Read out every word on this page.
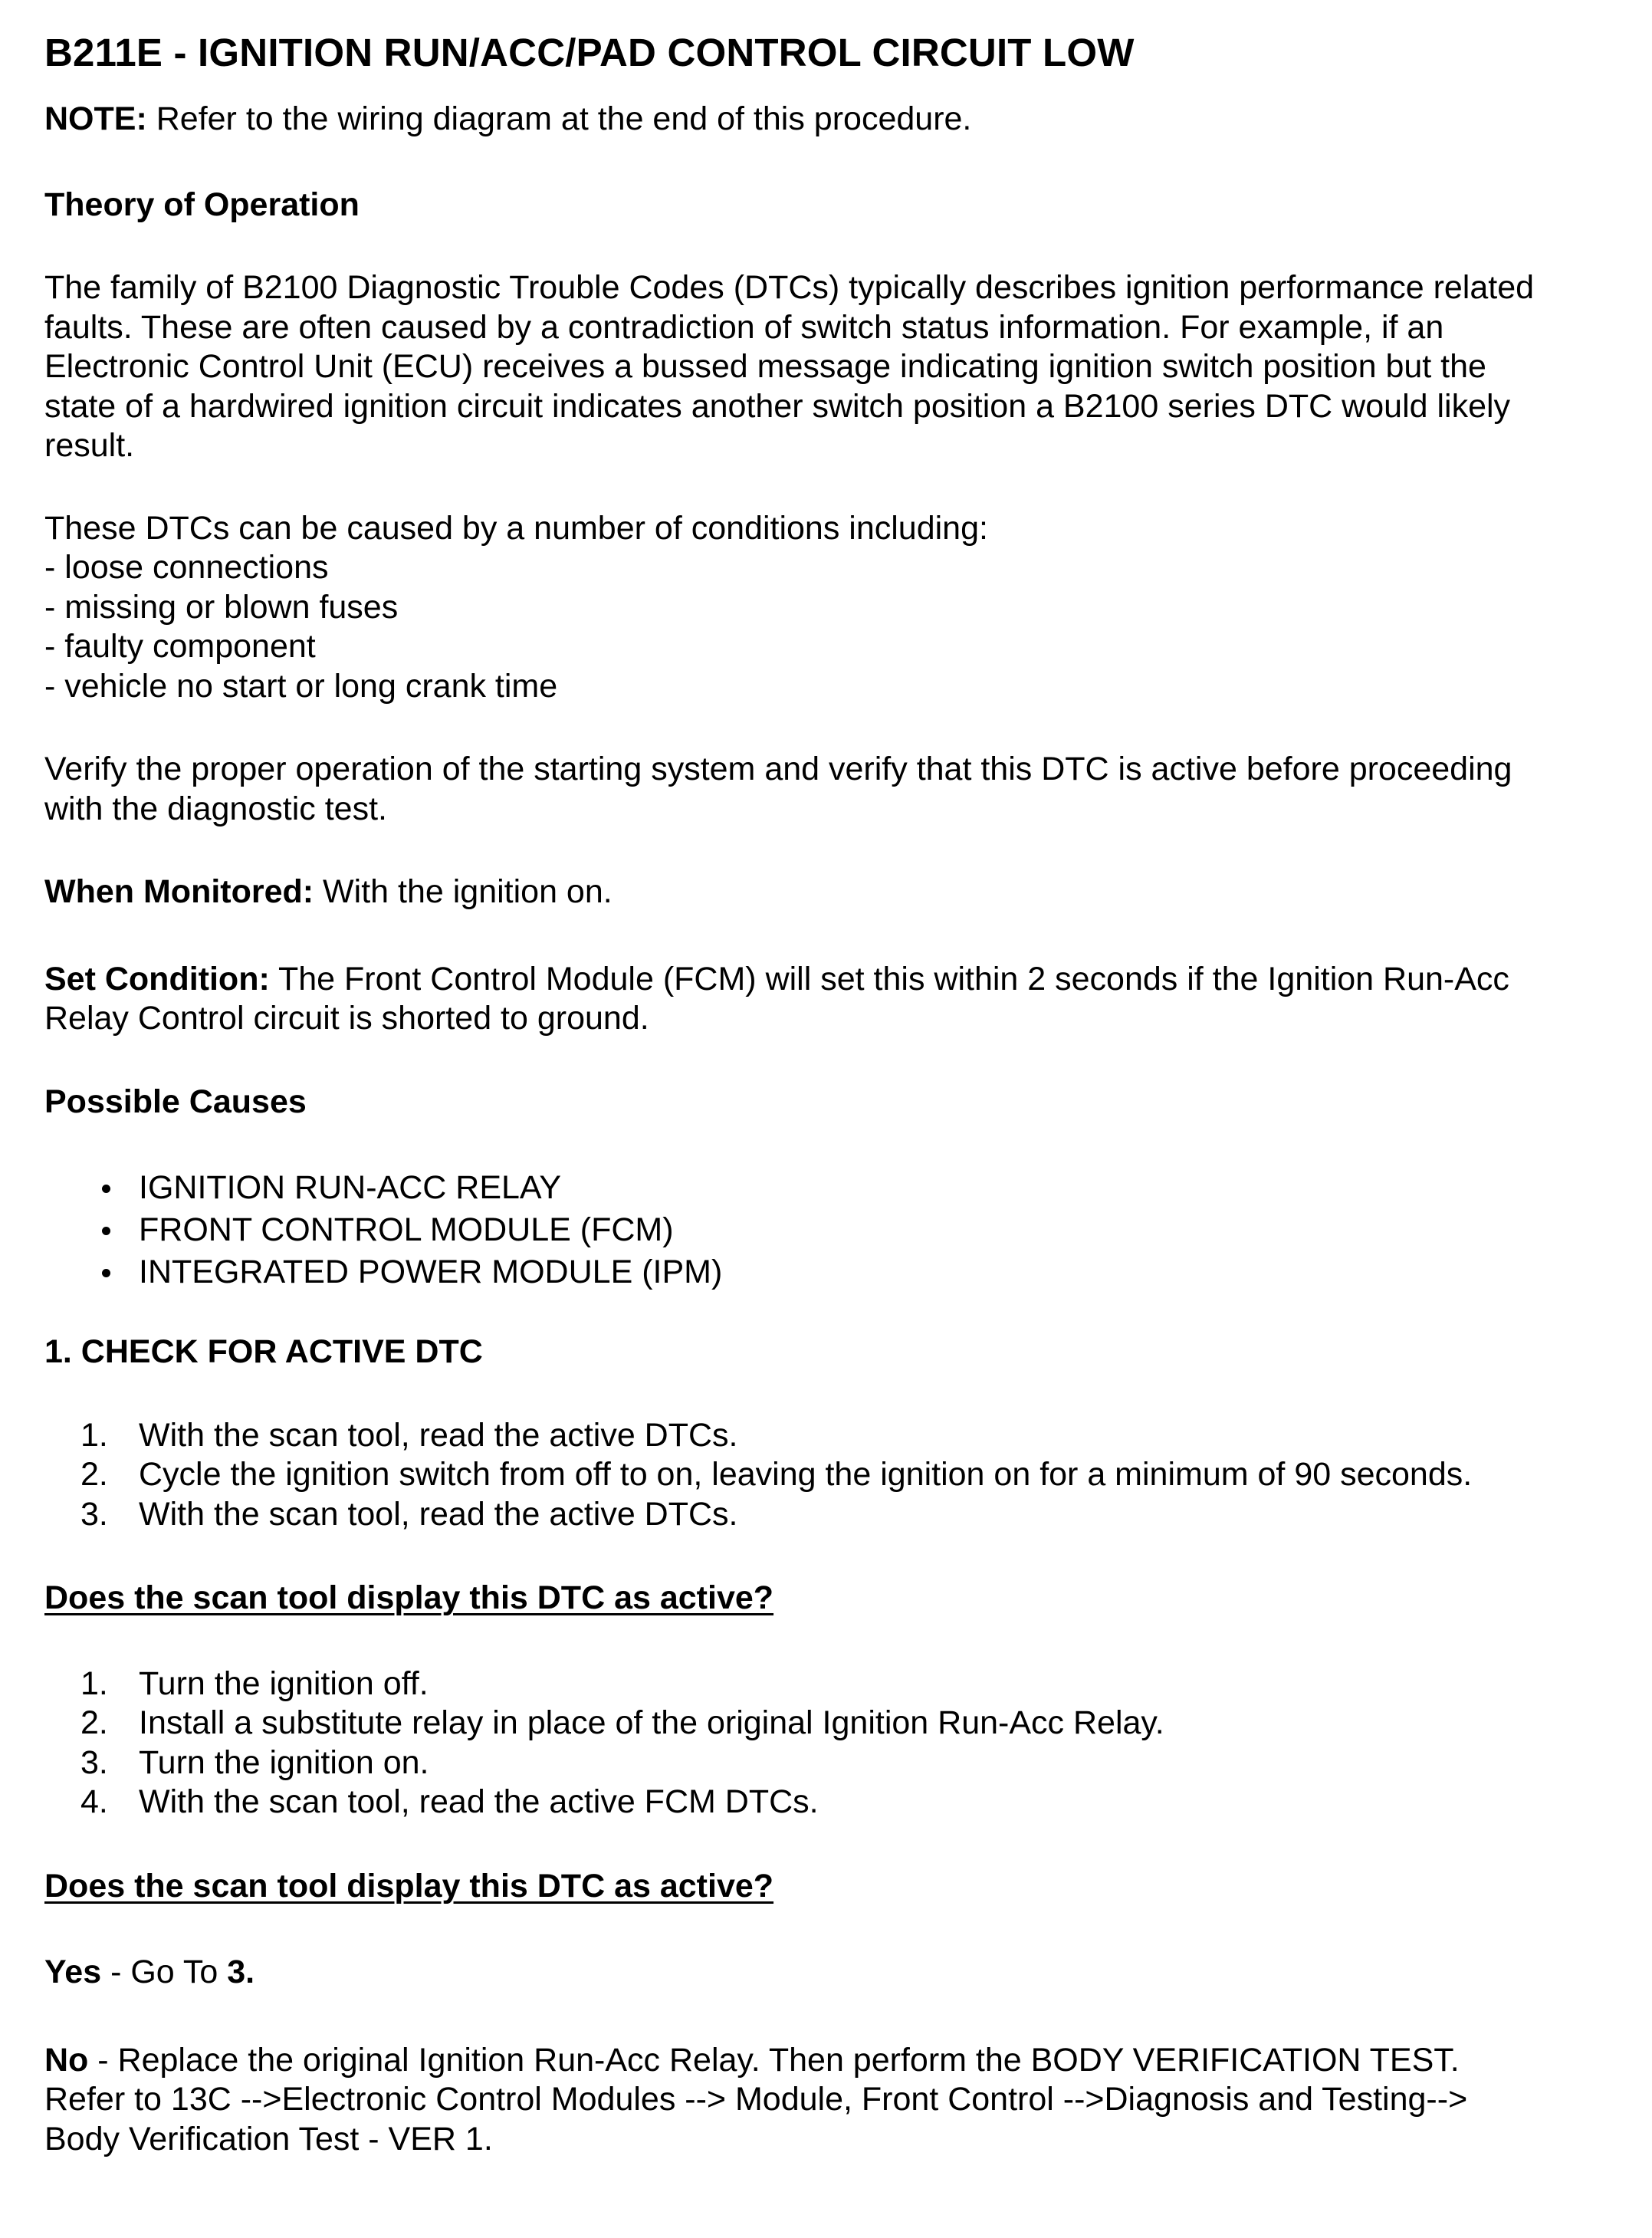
B211E - IGNITION RUN/ACC/PAD CONTROL CIRCUIT LOW

NOTE: Refer to the wiring diagram at the end of this procedure.

Theory of Operation

The family of B2100 Diagnostic Trouble Codes (DTCs) typically describes ignition performance related
faults. These are often caused by a contradiction of switch status information. For example, if an
Electronic Control Unit (ECU) receives a bussed message indicating ignition switch position but the
state of a hardwired ignition circuit indicates another switch position a B2100 series DTC would likely
result.
These DTCs can be caused by a number of conditions including:
- loose connections
- missing or blown fuses
- faulty component
- vehicle no start or long crank time
Verify the proper operation of the starting system and verify that this DTC is active before proceeding
with the diagnostic test.

When Monitored: With the ignition on.

Set Condition: The Front Control Module (FCM) will set this within 2 seconds if the Ignition Run-Acc
Relay Control circuit is shorted to ground.

Possible Causes

IGNITION RUN-ACC RELAY
FRONT CONTROL MODULE (FCM)
INTEGRATED POWER MODULE (IPM)

1. CHECK FOR ACTIVE DTC

1. With the scan tool, read the active DTCs.
2. Cycle the ignition switch from off to on, leaving the ignition on for a minimum of 90 seconds.
3. With the scan tool, read the active DTCs.

Does the scan tool display this DTC as active?

1. Turn the ignition off.
2. Install a substitute relay in place of the original Ignition Run-Acc Relay.
3. Turn the ignition on.
4. With the scan tool, read the active FCM DTCs.

Does the scan tool display this DTC as active?

Yes - Go To 3.

No - Replace the original Ignition Run-Acc Relay. Then perform the BODY VERIFICATION TEST.
Refer to 13C -->Electronic Control Modules --> Module, Front Control -->Diagnosis and Testing-->
Body Verification Test - VER 1.
